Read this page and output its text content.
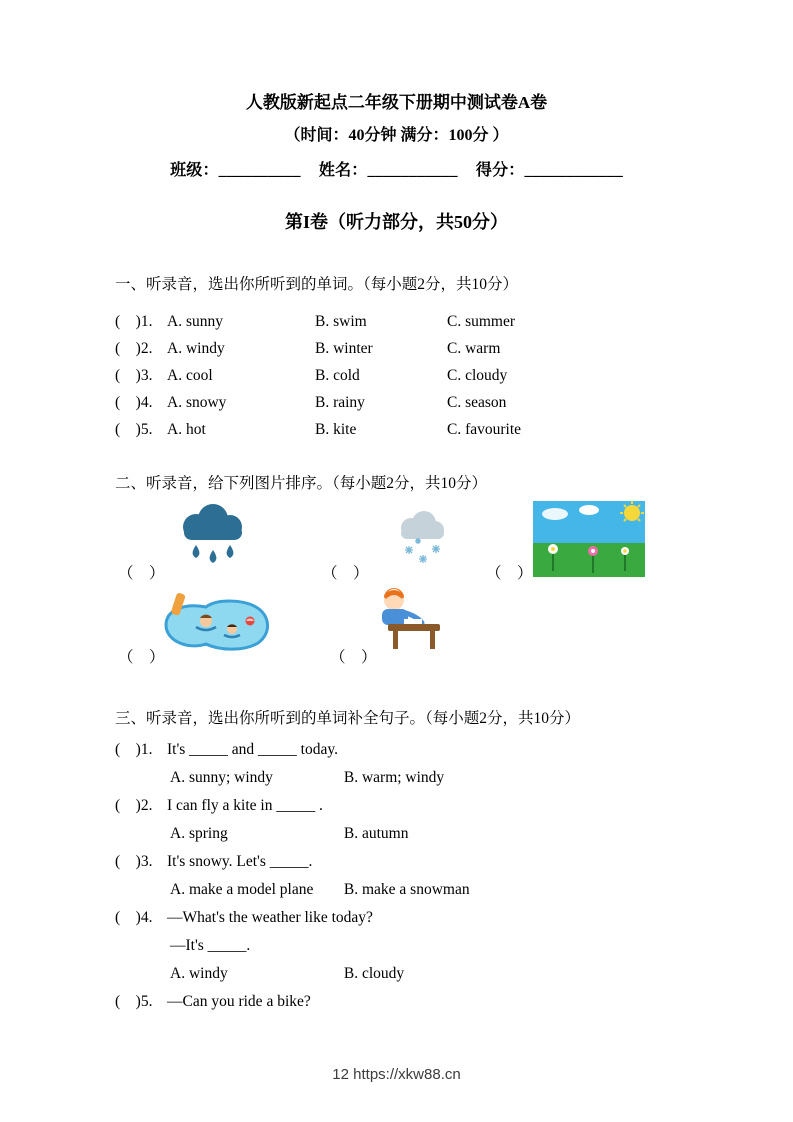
人教版新起点二年级下册期中测试卷A卷
（时间：40分钟 满分：100分 ）
班级：__________ 姓名：___________ 得分：____________
第I卷（听力部分，共50分）
一、听录音，选出你所听到的单词。（每小题2分，共10分）
(　)1. A. sunny	B. swim	C. summer
(　)2. A. windy	B. winter	C. warm
(　)3. A. cool	B. cold	C. cloudy
(　)4. A. snowy	B. rainy	C. season
(　)5. A. hot	B. kite	C. favourite
二、听录音，给下列图片排序。（每小题2分，共10分）
（　）	（　）	（　）
（　）	（　）
三、听录音，选出你所听到的单词补全句子。（每小题2分，共10分）
(　)1. It's _____ and _____ today.
A. sunny; windy	B. warm; windy
(　)2. I can fly a kite in _____ .
A. spring	B. autumn
(　)3. It's snowy. Let's _____.
A. make a model plane B. make a snowman
(　)4. —What's the weather like today?
—It's _____.
A. windy	B. cloudy
(　)5. —Can you ride a bike?
12 https://xkw88.cn
